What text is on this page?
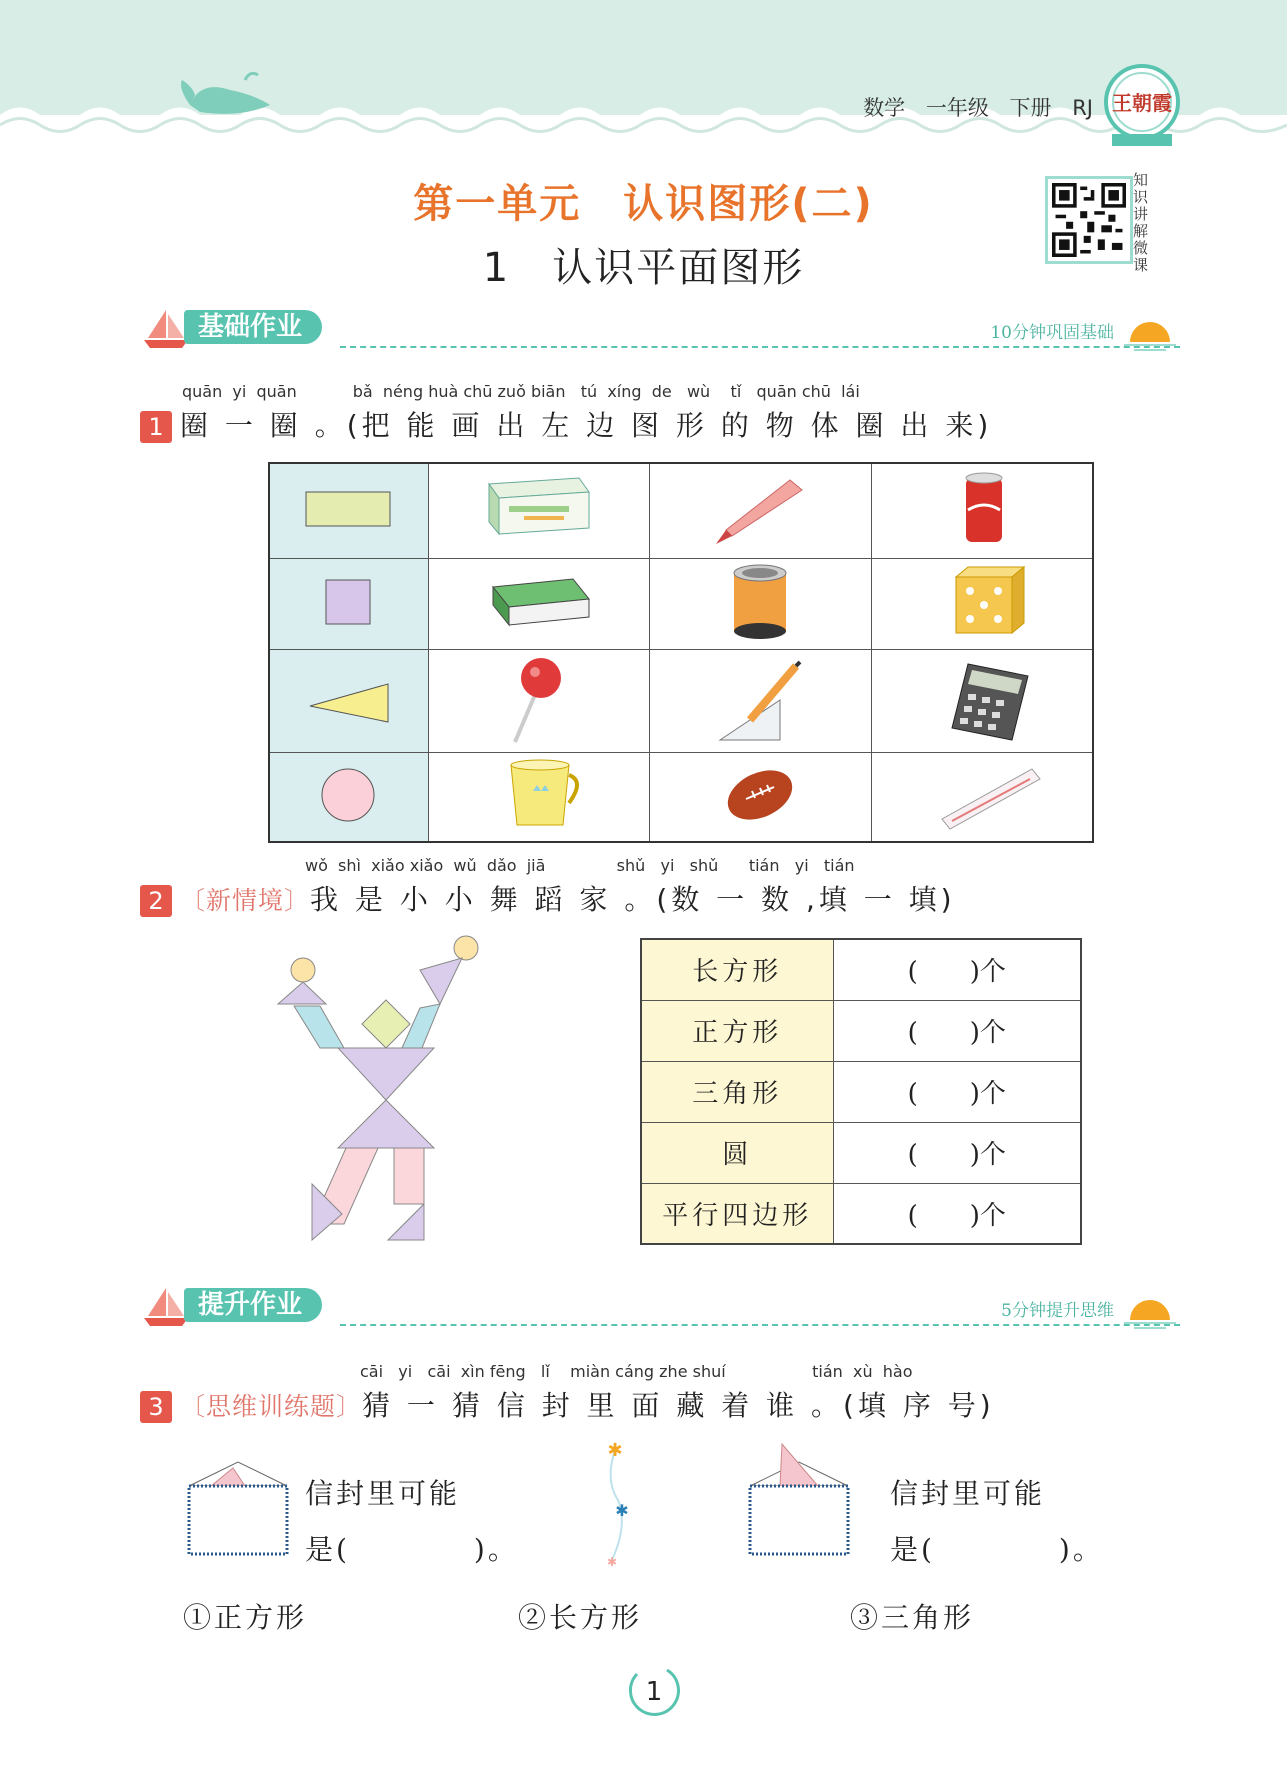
数学 一年级 下册 RJ 王朝霞
第一单元　认识图形(二)
1　认识平面图形
知识讲解微课
基础作业	10分钟巩固基础
quān  yi  quān           bǎ  néng huà chū zuǒ biān   tú  xíng  de   wù    tǐ   quān chū  lái
1 圈 一 圈 。(把 能 画 出 左 边 图 形 的 物 体 圈 出 来)

wǒ  shì  xiǎo xiǎo  wǔ  dǎo  jiā              shǔ   yi   shǔ      tián   yi   tián
2 〔新情境〕我 是 小 小 舞 蹈 家 。(数 一 数 ,填 一 填)
长方形	(　　)个
正方形	(　　)个
三角形	(　　)个
圆	(　　)个
平行四边形	(　　)个
提升作业	5分钟提升思维
cāi   yi   cāi  xìn fēng   lǐ    miàn cáng zhe shuí                 tián  xù  hào
3 〔思维训练题〕猜 一 猜 信 封 里 面 藏 着 谁 。(填 序 号)
信封里可能
是(　　　　)。
✱
✱
✱
信封里可能
是(　　　　)。
①正方形	②长方形	③三角形
1
